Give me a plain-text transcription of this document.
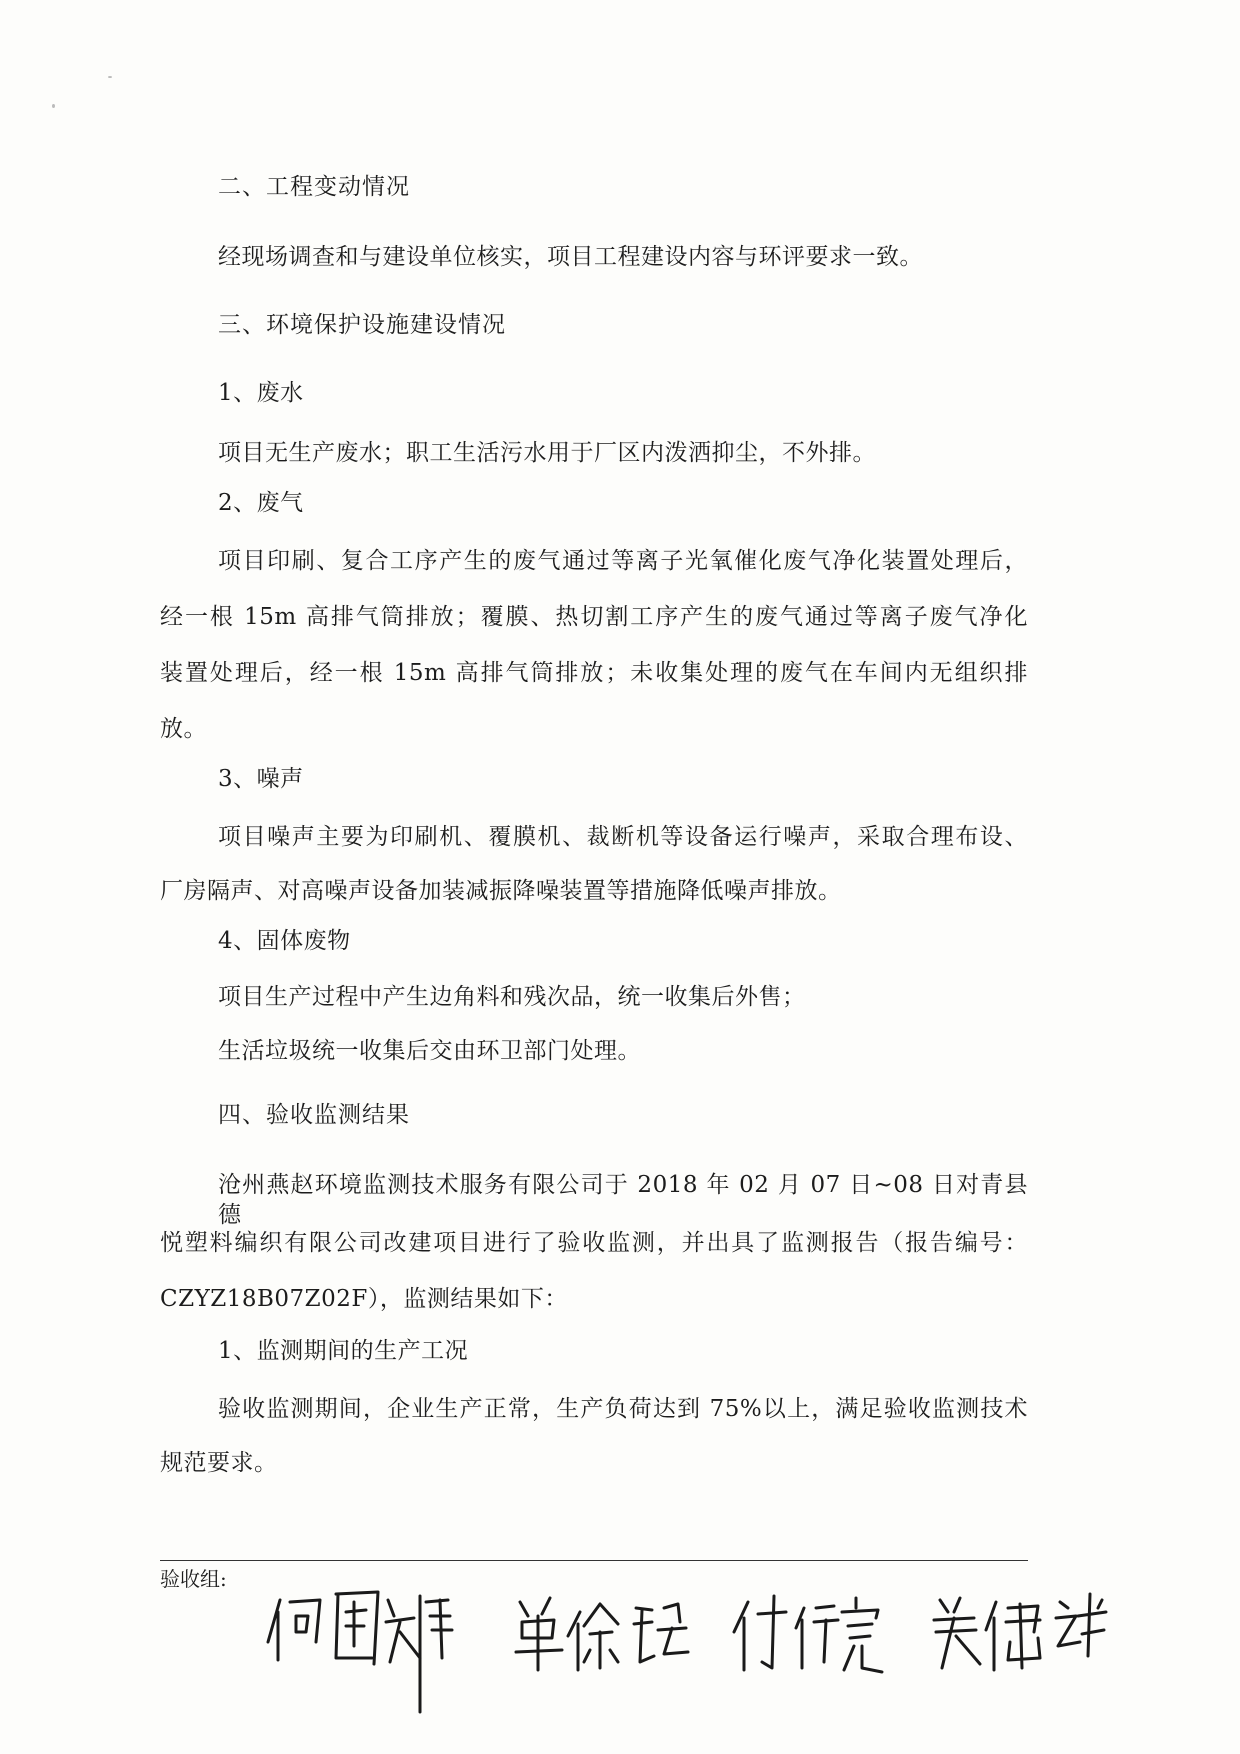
二、工程变动情况
经现场调查和与建设单位核实，项目工程建设内容与环评要求一致。
三、环境保护设施建设情况
1、废水
项目无生产废水；职工生活污水用于厂区内泼洒抑尘，不外排。
2、废气
项目印刷、复合工序产生的废气通过等离子光氧催化废气净化装置处理后，
经一根 15m 高排气筒排放；覆膜、热切割工序产生的废气通过等离子废气净化
装置处理后，经一根 15m 高排气筒排放；未收集处理的废气在车间内无组织排
放。
3、噪声
项目噪声主要为印刷机、覆膜机、裁断机等设备运行噪声，采取合理布设、
厂房隔声、对高噪声设备加装减振降噪装置等措施降低噪声排放。
4、固体废物
项目生产过程中产生边角料和残次品，统一收集后外售；
生活垃圾统一收集后交由环卫部门处理。
四、验收监测结果
沧州燕赵环境监测技术服务有限公司于 2018 年 02 月 07 日~08 日对青县德
悦塑料编织有限公司改建项目进行了验收监测，并出具了监测报告（报告编号：
CZYZ18B07Z02F），监测结果如下：
1、监测期间的生产工况
验收监测期间，企业生产正常，生产负荷达到 75%以上，满足验收监测技术
规范要求。
验收组:
